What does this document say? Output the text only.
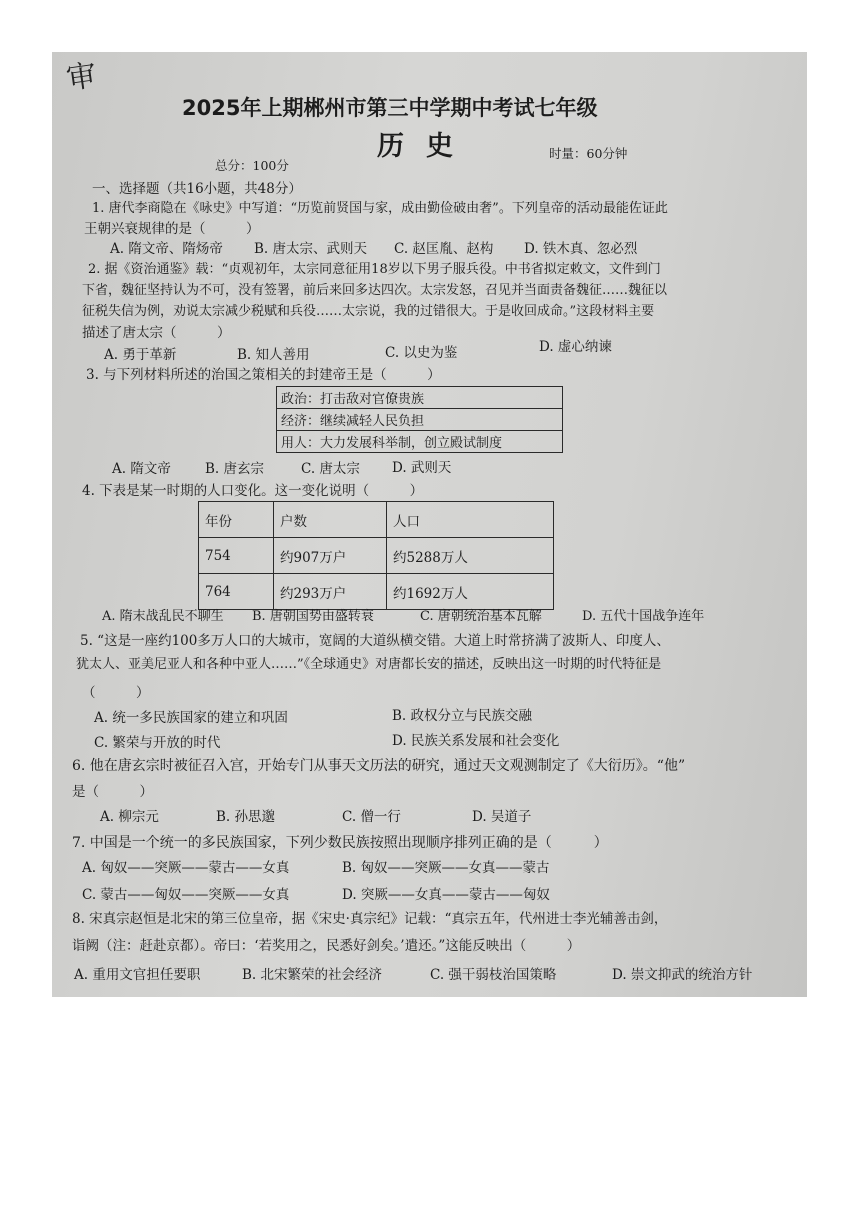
审
2025年上期郴州市第三中学期中考试七年级
历史
总分：100分
时量：60分钟
一、选择题（共16小题，共48分）
1. 唐代李商隐在《咏史》中写道：“历览前贤国与家，成由勤俭破由奢”。下列皇帝的活动最能佐证此
王朝兴衰规律的是（　　　）
A. 隋文帝、隋炀帝 B. 唐太宗、武则天 C. 赵匡胤、赵构 D. 铁木真、忽必烈
2. 据《资治通鉴》载：“贞观初年，太宗同意征用18岁以下男子服兵役。中书省拟定敕文，文件到门
下省，魏征坚持认为不可，没有签署，前后来回多达四次。太宗发怒，召见并当面责备魏征……魏征以
征税失信为例，劝说太宗减少税赋和兵役……太宗说，我的过错很大。于是收回成命。”这段材料主要
描述了唐太宗（　　　）
A. 勇于革新	B. 知人善用	C. 以史为鉴	D. 虚心纳谏
3. 与下列材料所述的治国之策相关的封建帝王是（　　　）
政治：打击敌对官僚贵族
经济：继续减轻人民负担
用人：大力发展科举制，创立殿试制度
A. 隋文帝	B. 唐玄宗	C. 唐太宗 D. 武则天
4. 下表是某一时期的人口变化。这一变化说明（　　　）
年份	户数	人口
754	约907万户	约5288万人
764	约293万户	约1692万人
A. 隋末战乱民不聊生 B. 唐朝国势由盛转衰	C. 唐朝统治基本瓦解	D. 五代十国战争连年
5. “这是一座约100多万人口的大城市，宽阔的大道纵横交错。大道上时常挤满了波斯人、印度人、
犹太人、亚美尼亚人和各种中亚人……”《全球通史》对唐都长安的描述，反映出这一时期的时代特征是
（　　　）
A. 统一多民族国家的建立和巩固	B. 政权分立与民族交融
C. 繁荣与开放的时代	D. 民族关系发展和社会变化
6. 他在唐玄宗时被征召入宫，开始专门从事天文历法的研究，通过天文观测制定了《大衍历》。“他”
是（　　　）
A. 柳宗元	B. 孙思邈	C. 僧一行	D. 吴道子
7. 中国是一个统一的多民族国家，下列少数民族按照出现顺序排列正确的是（　　　）
A. 匈奴——突厥——蒙古——女真	B. 匈奴——突厥——女真——蒙古
C. 蒙古——匈奴——突厥——女真	D. 突厥——女真——蒙古——匈奴
8. 宋真宗赵恒是北宋的第三位皇帝，据《宋史·真宗纪》记载：“真宗五年，代州进士李光辅善击剑，
诣阙（注：赶赴京都）。帝曰：‘若奖用之，民悉好剑矣。’遣还。”这能反映出（　　　）
A. 重用文官担任要职	B. 北宋繁荣的社会经济	C. 强干弱枝治国策略	D. 崇文抑武的统治方针
